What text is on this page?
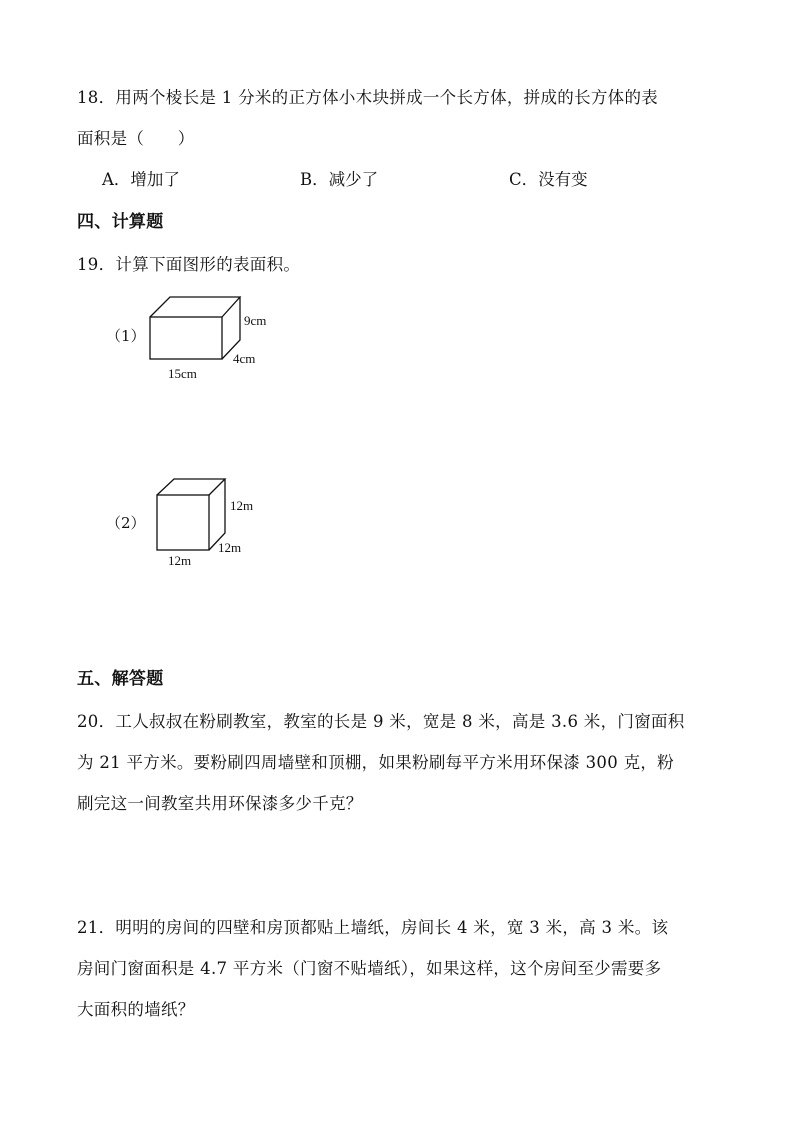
18．用两个棱长是 1 分米的正方体小木块拼成一个长方体，拼成的长方体的表
面积是（　　）
A．增加了	B．减少了	C．没有变
四、计算题
19．计算下面图形的表面积。
（1）
9cm
4cm
15cm
（2）
12m
12m
12m
五、解答题
20．工人叔叔在粉刷教室，教室的长是 9 米，宽是 8 米，高是 3.6 米，门窗面积
为 21 平方米。要粉刷四周墙壁和顶棚，如果粉刷每平方米用环保漆 300 克，粉
刷完这一间教室共用环保漆多少千克？
21．明明的房间的四壁和房顶都贴上墙纸，房间长 4 米，宽 3 米，高 3 米。该
房间门窗面积是 4.7 平方米（门窗不贴墙纸），如果这样，这个房间至少需要多
大面积的墙纸？
